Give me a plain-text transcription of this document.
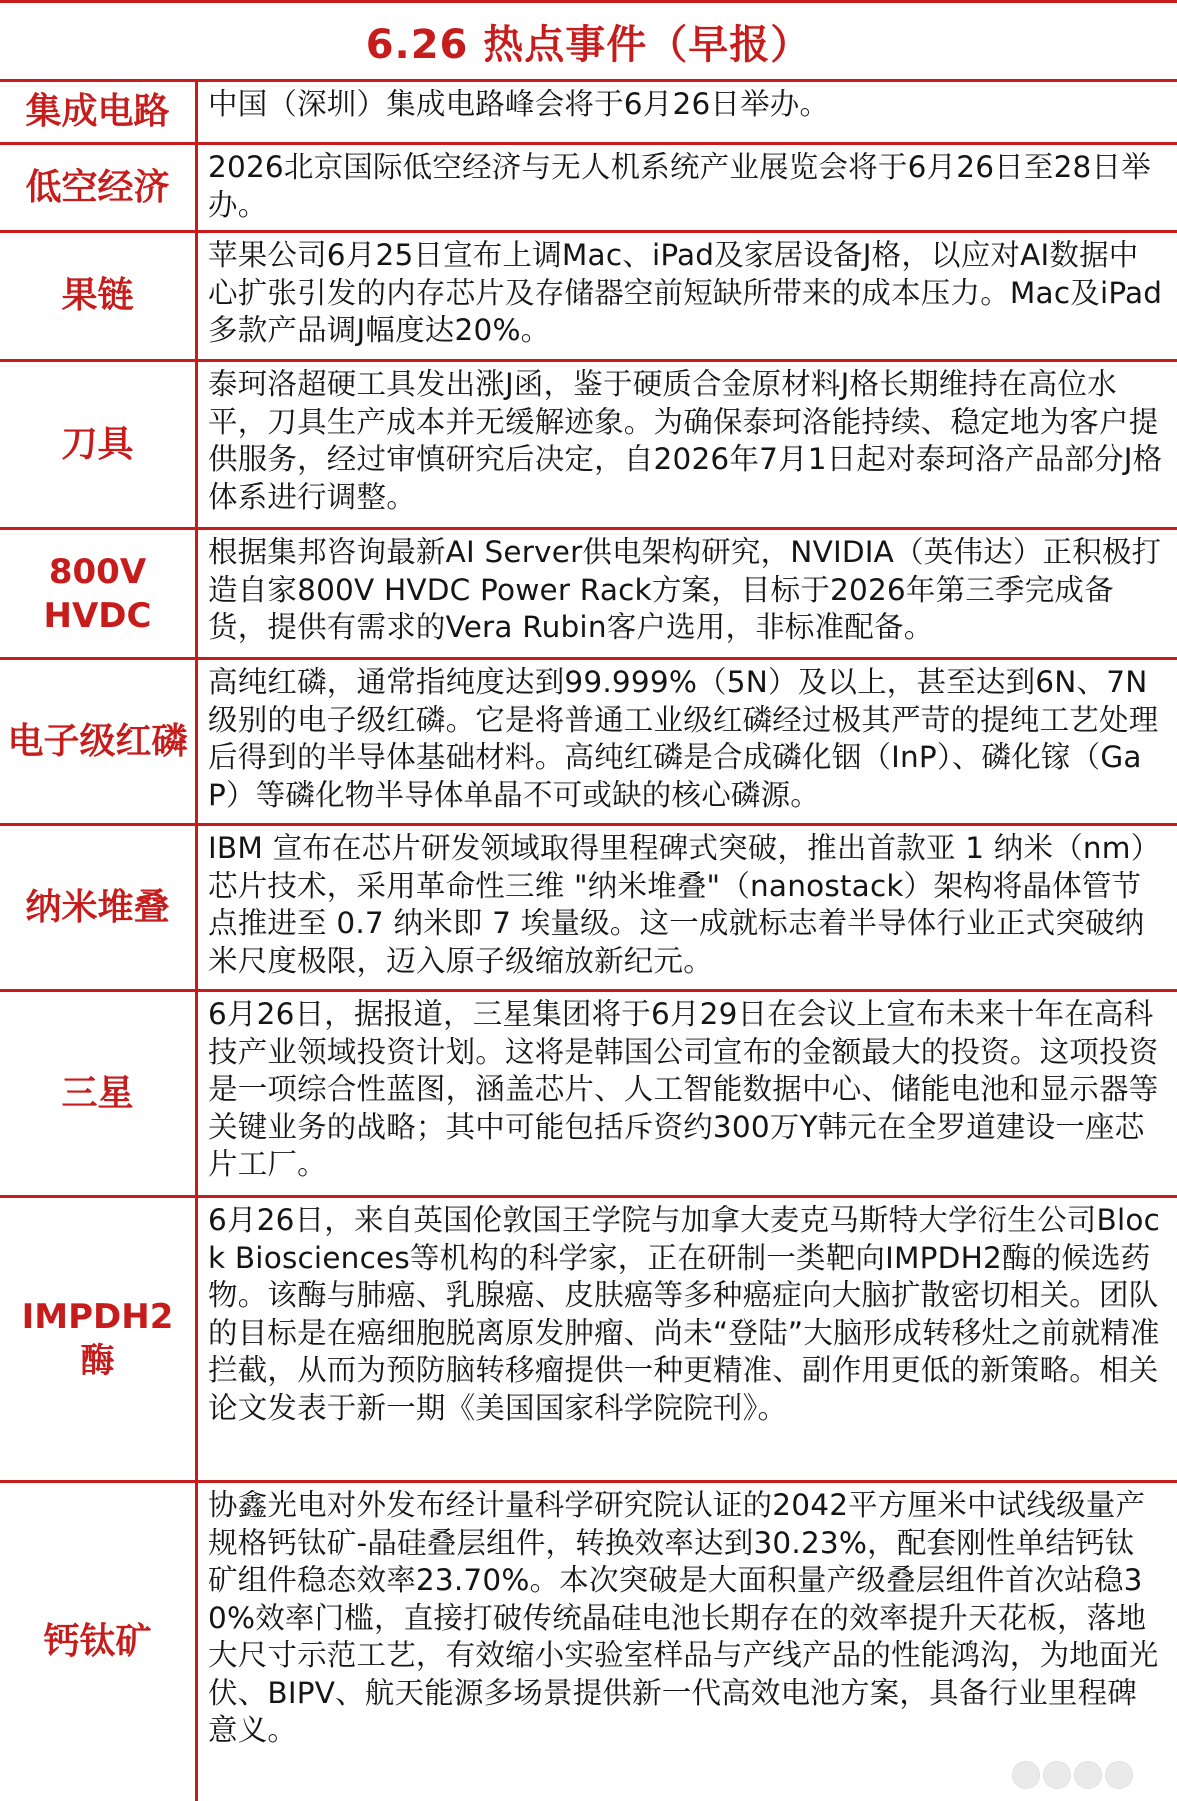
6.26 热点事件（早报）
集成电路	中国（深圳）集成电路峰会将于6月26日举办。
低空经济	2026北京国际低空经济与无人机系统产业展览会将于6月26日至28日举办。
果链
苹果公司6月25日宣布上调Mac、iPad及家居设备J格，以应对AI数据中心扩张引发的内存芯片及存储器空前短缺所带来的成本压力。Mac及iPad多款产品调J幅度达20%。
刀具
泰珂洛超硬工具发出涨J函，鉴于硬质合金原材料J格长期维持在高位水平，刀具生产成本并无缓解迹象。为确保泰珂洛能持续、稳定地为客户提供服务，经过审慎研究后决定，自2026年7月1日起对泰珂洛产品部分J格体系进行调整。
800V HVDC
根据集邦咨询最新AI Server供电架构研究，NVIDIA（英伟达）正积极打造自家800V HVDC Power Rack方案，目标于2026年第三季完成备货，提供有需求的Vera Rubin客户选用，非标准配备。
电子级红磷
高纯红磷，通常指纯度达到99.999%（5N）及以上，甚至达到6N、7N级别的电子级红磷。它是将普通工业级红磷经过极其严苛的提纯工艺处理后得到的半导体基础材料。高纯红磷是合成磷化铟（InP）、磷化镓（GaP）等磷化物半导体单晶不可或缺的核心磷源。
纳米堆叠
IBM 宣布在芯片研发领域取得里程碑式突破，推出首款亚 1 纳米（nm）芯片技术，采用革命性三维 "纳米堆叠"（nanostack）架构将晶体管节点推进至 0.7 纳米即 7 埃量级。这一成就标志着半导体行业正式突破纳米尺度极限，迈入原子级缩放新纪元。
三星
6月26日，据报道，三星集团将于6月29日在会议上宣布未来十年在高科技产业领域投资计划。这将是韩国公司宣布的金额最大的投资。这项投资是一项综合性蓝图，涵盖芯片、人工智能数据中心、储能电池和显示器等关键业务的战略；其中可能包括斥资约300万Y韩元在全罗道建设一座芯片工厂。
IMPDH2酶
6月26日，来自英国伦敦国王学院与加拿大麦克马斯特大学衍生公司Block Biosciences等机构的科学家，正在研制一类靶向IMPDH2酶的候选药物。该酶与肺癌、乳腺癌、皮肤癌等多种癌症向大脑扩散密切相关。团队的目标是在癌细胞脱离原发肿瘤、尚未“登陆”大脑形成转移灶之前就精准拦截，从而为预防脑转移瘤提供一种更精准、副作用更低的新策略。相关论文发表于新一期《美国国家科学院院刊》。
钙钛矿
协鑫光电对外发布经计量科学研究院认证的2042平方厘米中试线级量产规格钙钛矿-晶硅叠层组件，转换效率达到30.23%，配套刚性单结钙钛矿组件稳态效率23.70%。本次突破是大面积量产级叠层组件首次站稳30%效率门槛，直接打破传统晶硅电池长期存在的效率提升天花板，落地大尺寸示范工艺，有效缩小实验室样品与产线产品的性能鸿沟，为地面光伏、BIPV、航天能源多场景提供新一代高效电池方案，具备行业里程碑意义。
